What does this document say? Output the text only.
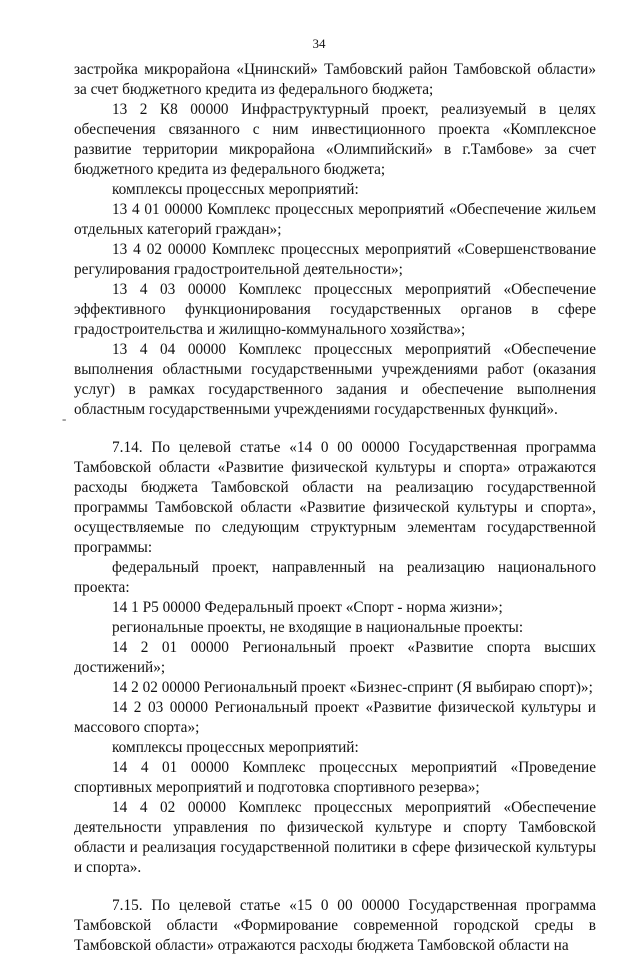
34
-

застройка микрорайона «Цнинский» Тамбовский район Тамбовской области» за счет бюджетного кредита из федерального бюджета;

13 2 К8 00000 Инфраструктурный проект, реализуемый в целях обеспечения связанного с ним инвестиционного проекта «Комплексное развитие территории микрорайона «Олимпийский» в г.Тамбове» за счет бюджетного кредита из федерального бюджета;

комплексы процессных мероприятий:

13 4 01 00000 Комплекс процессных мероприятий «Обеспечение жильем отдельных категорий граждан»;

13 4 02 00000 Комплекс процессных мероприятий «Совершенствование регулирования градостроительной деятельности»;

13 4 03 00000 Комплекс процессных мероприятий «Обеспечение эффективного функционирования государственных органов в сфере градостроительства и жилищно-коммунального хозяйства»;

13 4 04 00000 Комплекс процессных мероприятий «Обеспечение выполнения областными государственными учреждениями работ (оказания услуг) в рамках государственного задания и обеспечение выполнения областным государственными учреждениями государственных функций».

7.14. По целевой статье «14 0 00 00000 Государственная программа Тамбовской области «Развитие физической культуры и спорта» отражаются расходы бюджета Тамбовской области на реализацию государственной программы Тамбовской области «Развитие физической культуры и спорта», осуществляемые по следующим структурным элементам государственной программы:

федеральный проект, направленный на реализацию национального проекта:

14 1 Р5 00000 Федеральный проект «Спорт - норма жизни»;

региональные проекты, не входящие в национальные проекты:

14 2 01 00000 Региональный проект «Развитие спорта высших достижений»;

14 2 02 00000 Региональный проект «Бизнес-спринт (Я выбираю спорт)»;

14 2 03 00000 Региональный проект «Развитие физической культуры и массового спорта»;

комплексы процессных мероприятий:

14 4 01 00000 Комплекс процессных мероприятий «Проведение спортивных мероприятий и подготовка спортивного резерва»;

14 4 02 00000 Комплекс процессных мероприятий «Обеспечение деятельности управления по физической культуре и спорту Тамбовской области и реализация государственной политики в сфере физической культуры и спорта».

7.15. По целевой статье «15 0 00 00000 Государственная программа Тамбовской области «Формирование современной городской среды в Тамбовской области» отражаются расходы бюджета Тамбовской области на
